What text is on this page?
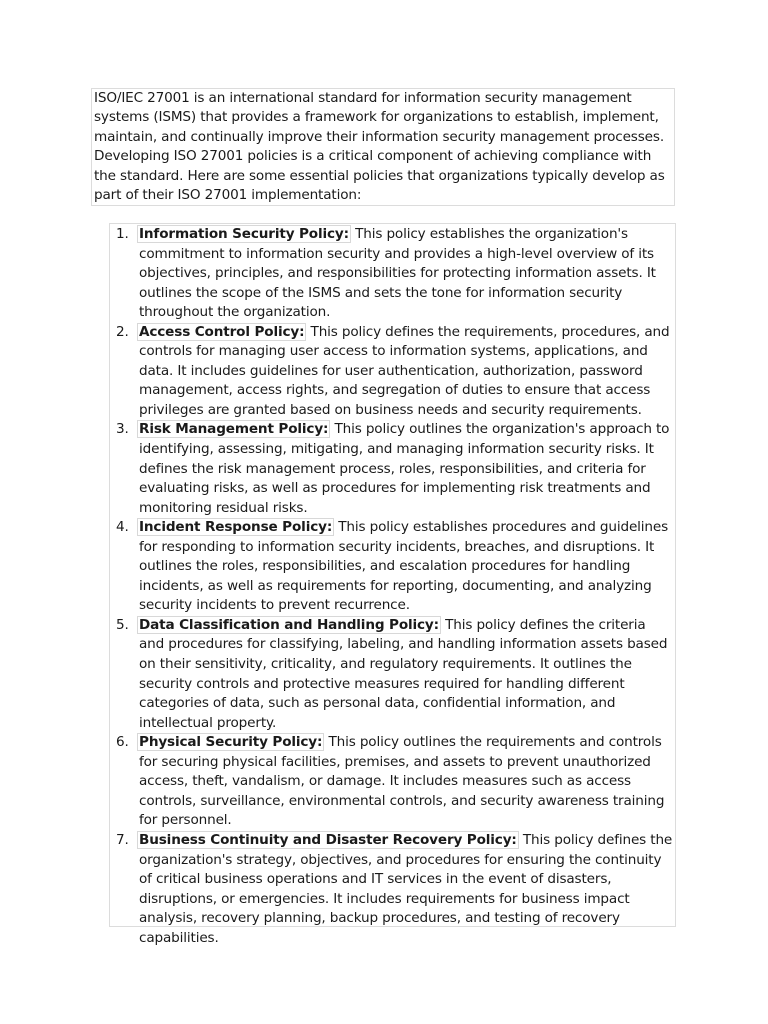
ISO/IEC 27001 is an international standard for information security management systems (ISMS) that provides a framework for organizations to establish, implement, maintain, and continually improve their information security management processes. Developing ISO 27001 policies is a critical component of achieving compliance with the standard. Here are some essential policies that organizations typically develop as part of their ISO 27001 implementation:
1. Information Security Policy: This policy establishes the organization's commitment to information security and provides a high-level overview of its objectives, principles, and responsibilities for protecting information assets. It outlines the scope of the ISMS and sets the tone for information security throughout the organization.
2. Access Control Policy: This policy defines the requirements, procedures, and controls for managing user access to information systems, applications, and data. It includes guidelines for user authentication, authorization, password management, access rights, and segregation of duties to ensure that access privileges are granted based on business needs and security requirements.
3. Risk Management Policy: This policy outlines the organization's approach to identifying, assessing, mitigating, and managing information security risks. It defines the risk management process, roles, responsibilities, and criteria for evaluating risks, as well as procedures for implementing risk treatments and monitoring residual risks.
4. Incident Response Policy: This policy establishes procedures and guidelines for responding to information security incidents, breaches, and disruptions. It outlines the roles, responsibilities, and escalation procedures for handling incidents, as well as requirements for reporting, documenting, and analyzing security incidents to prevent recurrence.
5. Data Classification and Handling Policy: This policy defines the criteria and procedures for classifying, labeling, and handling information assets based on their sensitivity, criticality, and regulatory requirements. It outlines the security controls and protective measures required for handling different categories of data, such as personal data, confidential information, and intellectual property.
6. Physical Security Policy: This policy outlines the requirements and controls for securing physical facilities, premises, and assets to prevent unauthorized access, theft, vandalism, or damage. It includes measures such as access controls, surveillance, environmental controls, and security awareness training for personnel.
7. Business Continuity and Disaster Recovery Policy: This policy defines the organization's strategy, objectives, and procedures for ensuring the continuity of critical business operations and IT services in the event of disasters, disruptions, or emergencies. It includes requirements for business impact analysis, recovery planning, backup procedures, and testing of recovery capabilities.
